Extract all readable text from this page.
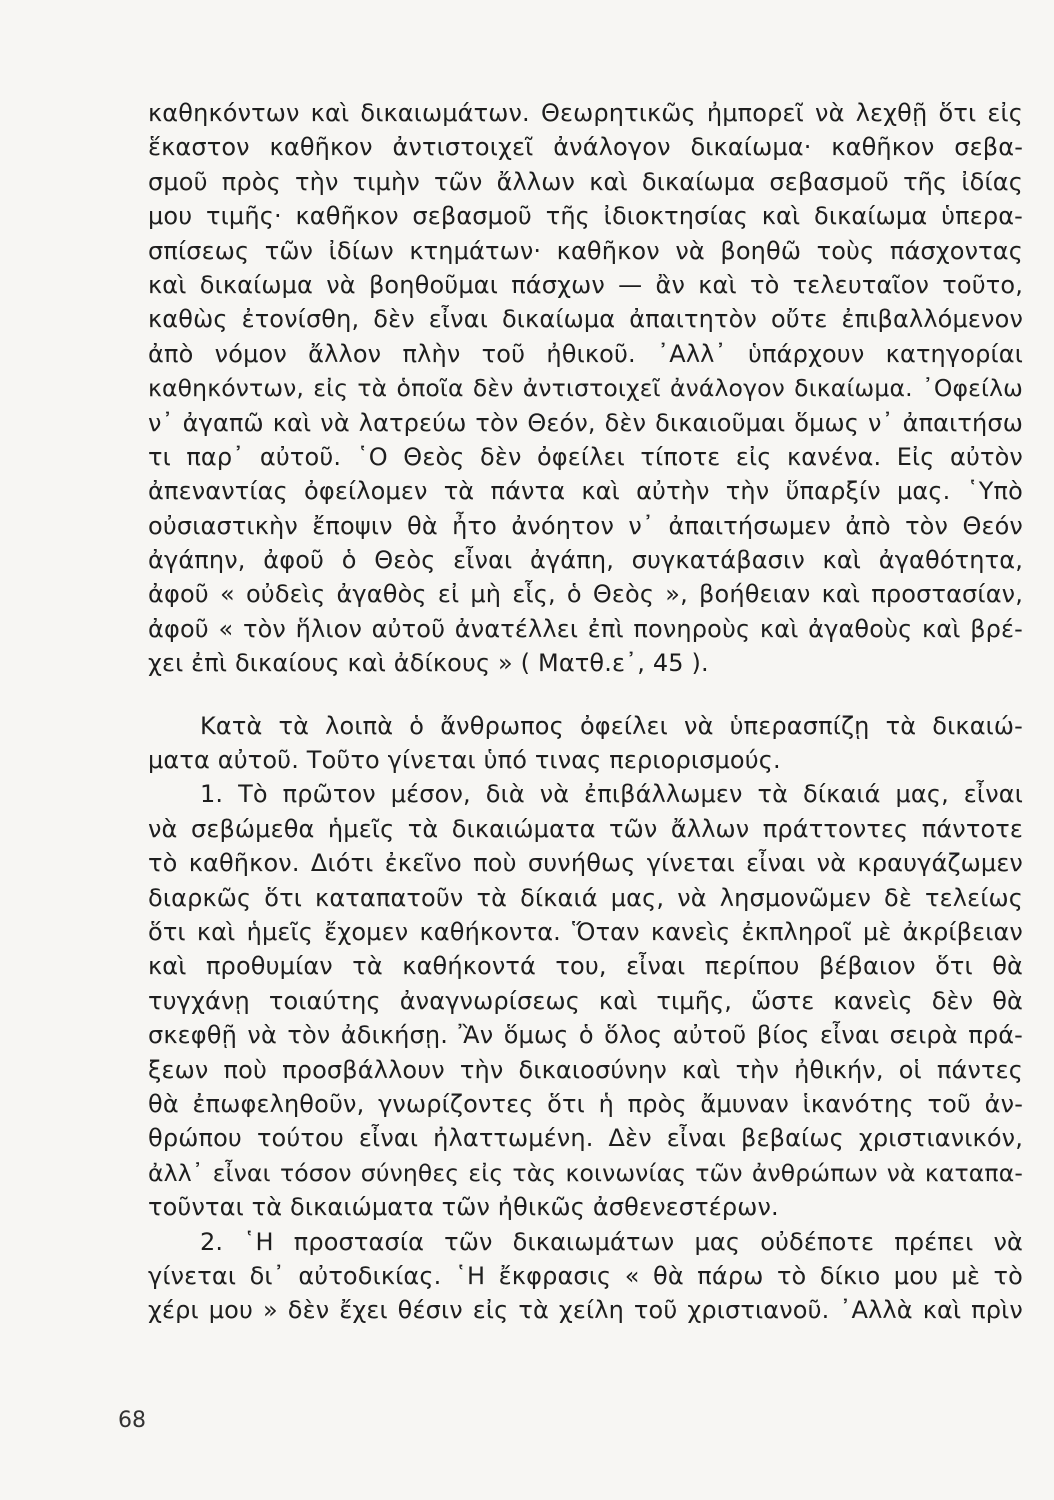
καθηκόντων καὶ δικαιωμάτων. Θεωρητικῶς ἠμπορεῖ νὰ λεχθῇ ὅτι εἰς
ἕκαστον καθῆκον ἀντιστοιχεῖ ἀνάλογον δικαίωμα· καθῆκον σεβα-
σμοῦ πρὸς τὴν τιμὴν τῶν ἄλλων καὶ δικαίωμα σεβασμοῦ τῆς ἰδίας
μου τιμῆς· καθῆκον σεβασμοῦ τῆς ἰδιοκτησίας καὶ δικαίωμα ὑπερα-
σπίσεως τῶν ἰδίων κτημάτων· καθῆκον νὰ βοηθῶ τοὺς πάσχοντας
καὶ δικαίωμα νὰ βοηθοῦμαι πάσχων — ἂν καὶ τὸ τελευταῖον τοῦτο,
καθὼς ἐτονίσθη, δὲν εἶναι δικαίωμα ἀπαιτητὸν οὔτε ἐπιβαλλόμενον
ἀπὸ νόμον ἄλλον πλὴν τοῦ ἠθικοῦ. ᾿Αλλ᾿ ὑπάρχουν κατηγορίαι
καθηκόντων, εἰς τὰ ὁποῖα δὲν ἀντιστοιχεῖ ἀνάλογον δικαίωμα. ᾿Οφείλω
ν᾿ ἀγαπῶ καὶ νὰ λατρεύω τὸν Θεόν, δὲν δικαιοῦμαι ὅμως ν᾿ ἀπαιτήσω
τι παρ᾿ αὐτοῦ. ῾Ο Θεὸς δὲν ὀφείλει τίποτε εἰς κανένα. Εἰς αὐτὸν
ἀπεναντίας ὀφείλομεν τὰ πάντα καὶ αὐτὴν τὴν ὕπαρξίν μας. ῾Υπὸ
οὐσιαστικὴν ἔποψιν θὰ ἦτο ἀνόητον ν᾿ ἀπαιτήσωμεν ἀπὸ τὸν Θεόν
ἀγάπην, ἀφοῦ ὁ Θεὸς εἶναι ἀγάπη, συγκατάβασιν καὶ ἀγαθότητα,
ἀφοῦ « οὐδεὶς ἀγαθὸς εἰ μὴ εἷς, ὁ Θεὸς », βοήθειαν καὶ προστασίαν,
ἀφοῦ « τὸν ἥλιον αὐτοῦ ἀνατέλλει ἐπὶ πονηροὺς καὶ ἀγαθοὺς καὶ βρέ-
χει ἐπὶ δικαίους καὶ ἀδίκους » ( Ματθ.ε᾿, 45 ).
Κατὰ τὰ λοιπὰ ὁ ἄνθρωπος ὀφείλει νὰ ὑπερασπίζῃ τὰ δικαιώ-
ματα αὐτοῦ. Τοῦτο γίνεται ὑπό τινας περιορισμούς.
1. Τὸ πρῶτον μέσον, διὰ νὰ ἐπιβάλλωμεν τὰ δίκαιά μας, εἶναι
νὰ σεβώμεθα ἡμεῖς τὰ δικαιώματα τῶν ἄλλων πράττοντες πάντοτε
τὸ καθῆκον. Διότι ἐκεῖνο ποὺ συνήθως γίνεται εἶναι νὰ κραυγάζωμεν
διαρκῶς ὅτι καταπατοῦν τὰ δίκαιά μας, νὰ λησμονῶμεν δὲ τελείως
ὅτι καὶ ἡμεῖς ἔχομεν καθήκοντα. Ὅταν κανεὶς ἐκπληροῖ μὲ ἀκρίβειαν
καὶ προθυμίαν τὰ καθήκοντά του, εἶναι περίπου βέβαιον ὅτι θὰ
τυγχάνῃ τοιαύτης ἀναγνωρίσεως καὶ τιμῆς, ὥστε κανεὶς δὲν θὰ
σκεφθῇ νὰ τὸν ἀδικήσῃ. Ἂν ὅμως ὁ ὅλος αὐτοῦ βίος εἶναι σειρὰ πρά-
ξεων ποὺ προσβάλλουν τὴν δικαιοσύνην καὶ τὴν ἠθικήν, οἱ πάντες
θὰ ἐπωφεληθοῦν, γνωρίζοντες ὅτι ἡ πρὸς ἄμυναν ἱκανότης τοῦ ἀν-
θρώπου τούτου εἶναι ἠλαττωμένη. Δὲν εἶναι βεβαίως χριστιανικόν,
ἀλλ᾿ εἶναι τόσον σύνηθες εἰς τὰς κοινωνίας τῶν ἀνθρώπων νὰ καταπα-
τοῦνται τὰ δικαιώματα τῶν ἠθικῶς ἀσθενεστέρων.
2. ῾Η προστασία τῶν δικαιωμάτων μας οὐδέποτε πρέπει νὰ
γίνεται δι᾿ αὐτοδικίας. ῾Η ἔκφρασις « θὰ πάρω τὸ δίκιο μου μὲ τὸ
χέρι μου » δὲν ἔχει θέσιν εἰς τὰ χείλη τοῦ χριστιανοῦ. ᾿Αλλὰ καὶ πρὶν
68
